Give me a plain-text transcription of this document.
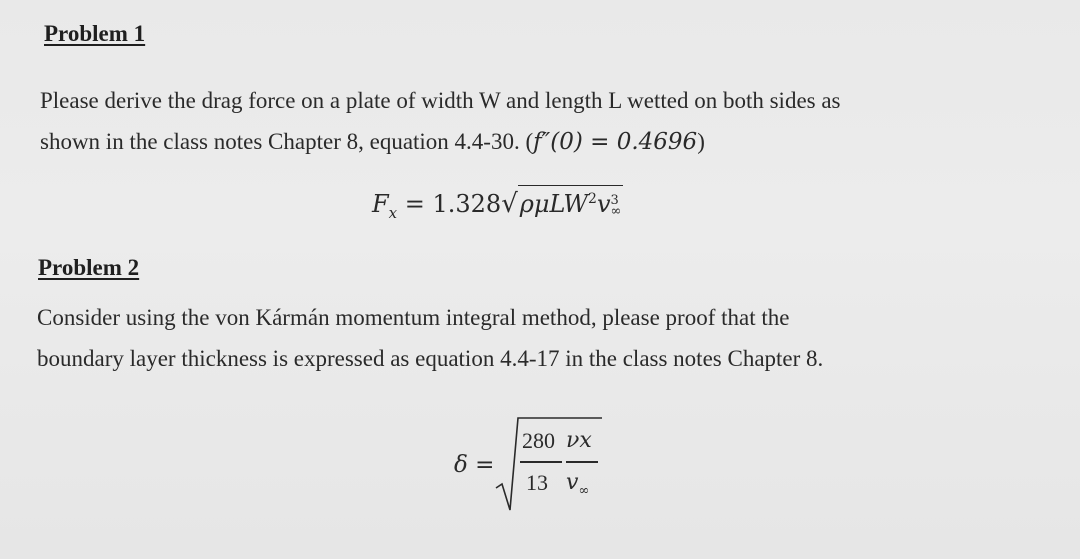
Problem 1
Please derive the drag force on a plate of width W and length L wetted on both sides as
shown in the class notes Chapter 8, equation 4.4-30. (f″(0) = 0.4696)
$F_x = 1.328√\rho\mu LW^2v$ 3
∞
Problem 2
Consider using the von Kármán momentum integral method, please proof that the
boundary layer thickness is expressed as equation 4.4-17 in the class notes Chapter 8.
δ =
280 νx
13 $v_\infty$
